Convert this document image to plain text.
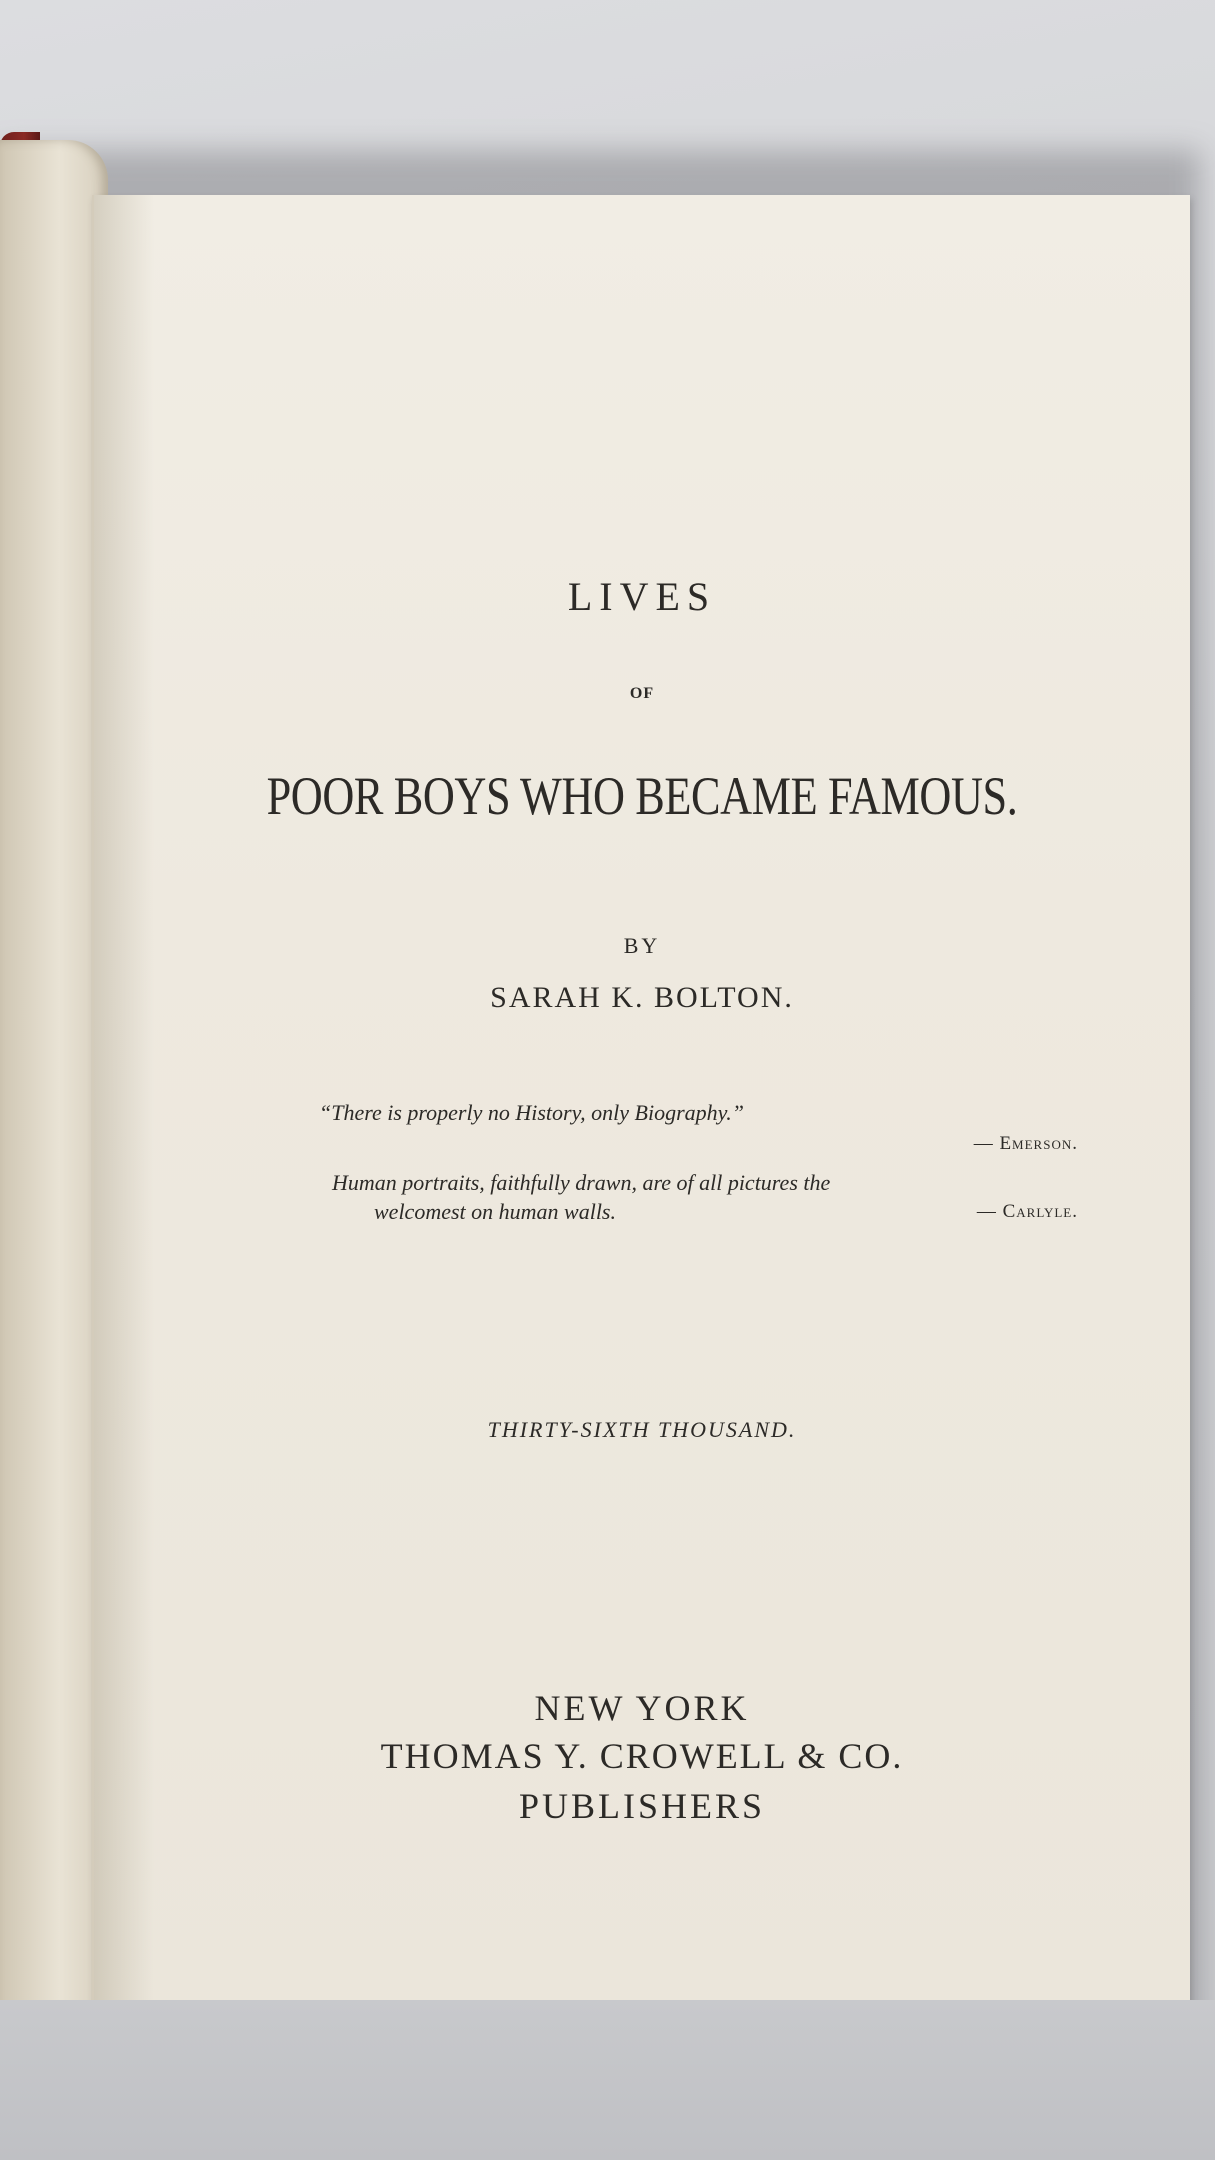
LIVES
OF
POOR BOYS WHO BECAME FAMOUS.
BY
SARAH K. BOLTON.
“There is properly no History, only Biography.”
— Emerson.
Human portraits, faithfully drawn, are of all pictures the
welcomest on human walls.	— Carlyle.
THIRTY-SIXTH THOUSAND.
NEW YORK
THOMAS Y. CROWELL & CO.
PUBLISHERS
